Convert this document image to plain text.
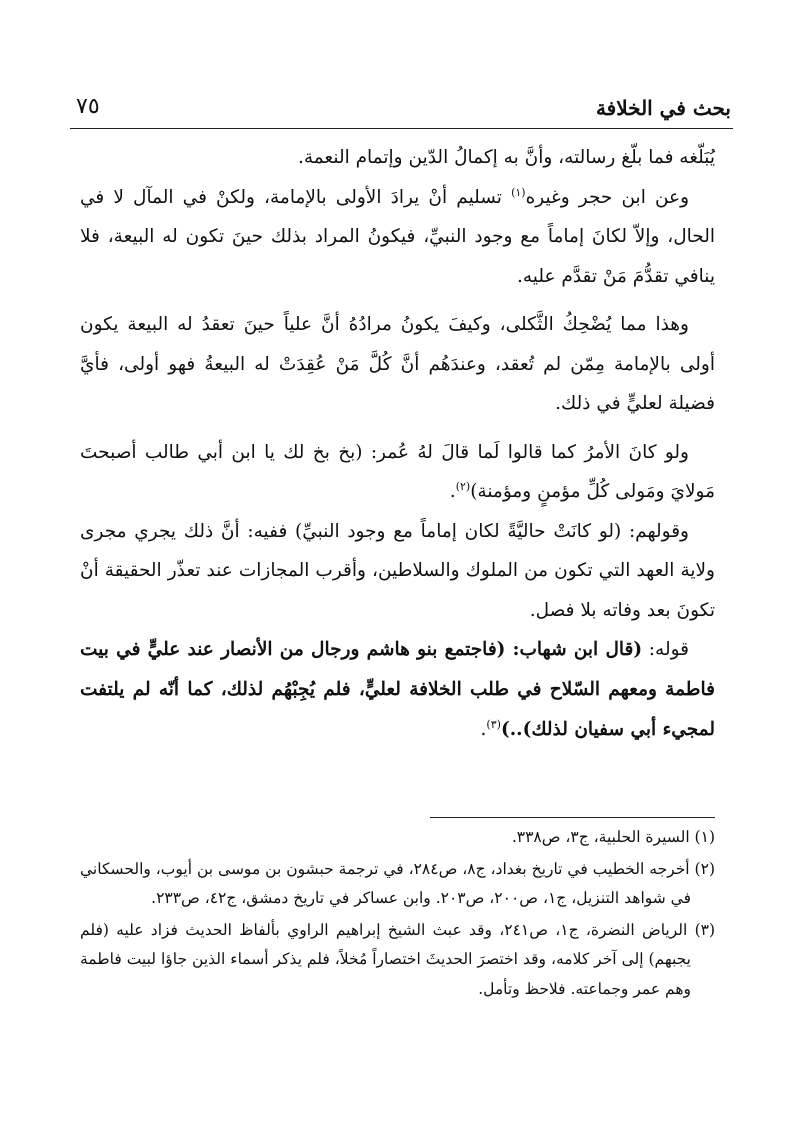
بحث في الخلافة
٧٥

يُبَلّغه فما بلّغ رسالته، وأنَّ به إكمالُ الدّين وإتمام النعمة.

وعن ابن حجر وغيره$^{(١)}$ تسليم أنْ يرادَ الأولى بالإمامة، ولكنْ في المآل لا في الحال، وإلاّ لكانَ إماماً مع وجود النبيِّ، فيكونُ المراد بذلك حينَ تكون له البيعة، فلا ينافي تقدُّمَ مَنْ تقدَّم عليه.

وهذا مما يُضْحِكُ الثَّكلى، وكيفَ يكونُ مرادُهُ أنَّ علياً حينَ تعقدُ له البيعة يكون أولى بالإمامة مِمّن لم تُعقد، وعندَهُم أنَّ كُلَّ مَنْ عُقِدَتْ له البيعةُ فهو أولى، فأيَّ فضيلة لعليٍّ في ذلك.

ولو كانَ الأمرُ كما قالوا لَما قالَ لهُ عُمر: (بخ بخ لك يا ابن أبي طالب أصبحتَ مَولايَ ومَولى كُلِّ مؤمنٍ ومؤمنة)$^{(٢)}$.

وقولهم: (لو كانَتْ حاليَّةً لكان إماماً مع وجود النبيِّ) ففيه: أنَّ ذلك يجري مجرى ولاية العهد التي تكون من الملوك والسلاطين، وأقرب المجازات عند تعذّر الحقيقة أنْ تكونَ بعد وفاته بلا فصل.

قوله: (قال ابن شهاب: (فاجتمع بنو هاشم ورجال من الأنصار عند عليٍّ في بيت فاطمة ومعهم السّلاح في طلب الخلافة لعليٍّ، فلم يُجِبْهُم لذلك، كما أنّه لم يلتفت لمجيء أبي سفيان لذلك)..)$^{(٣)}$.

(١) السيرة الحلبية، ج٣، ص٣٣٨.

(٢) أخرجه الخطيب في تاريخ بغداد، ج٨، ص٢٨٤، في ترجمة حبشون بن موسى بن أيوب، والحسكاني في شواهد التنزيل، ج١، ص٢٠٠، ص٢٠٣. وابن عساكر في تاريخ دمشق، ج٤٢، ص٢٣٣.

(٣) الرياض النضرة، ج١، ص٢٤١، وقد عبث الشيخ إبراهيم الراوي بألفاظ الحديث فزاد عليه (فلم يجبهم) إلى آخر كلامه، وقد اختصرَ الحديثَ اختصاراً مُخلاً، فلم يذكر أسماء الذين جاؤا لبيت فاطمة وهم عمر وجماعته. فلاحظ وتأمل.
